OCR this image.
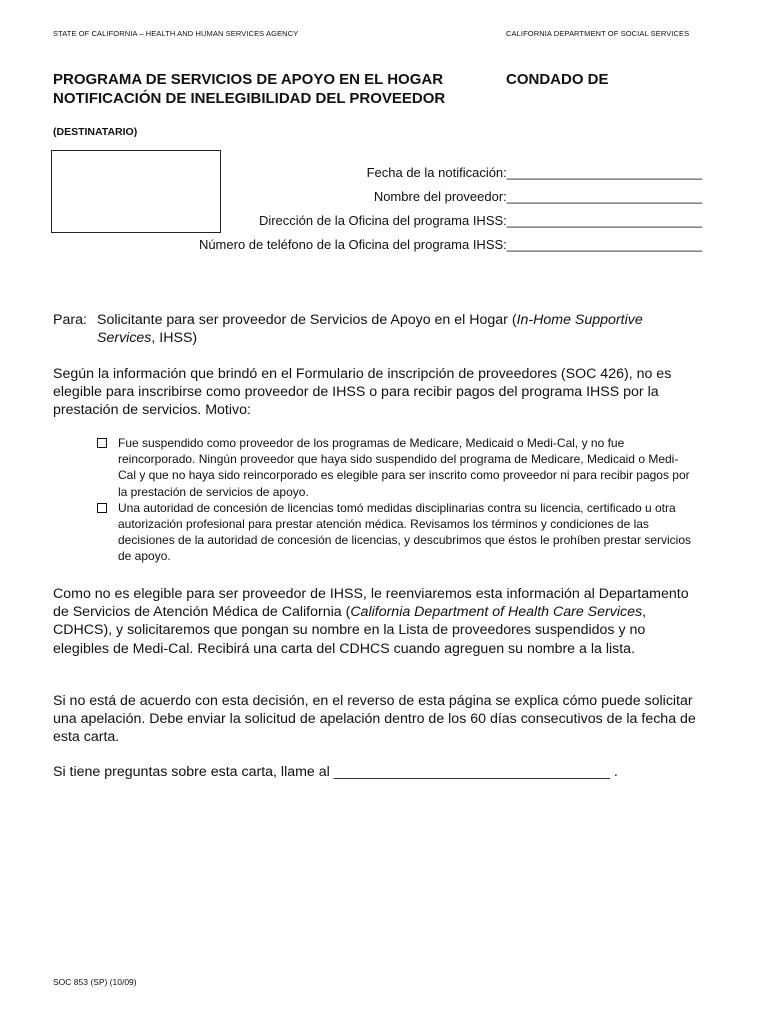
STATE OF CALIFORNIA – HEALTH AND HUMAN SERVICES AGENCY	CALIFORNIA DEPARTMENT OF SOCIAL SERVICES
PROGRAMA DE SERVICIOS DE APOYO EN EL HOGAR
NOTIFICACIÓN DE INELEGIBILIDAD DEL PROVEEDOR
CONDADO DE
(DESTINATARIO)
Fecha de la notificación:___________________________
Nombre del proveedor:___________________________
Dirección de la Oficina del programa IHSS:___________________________
Número de teléfono de la Oficina del programa IHSS:___________________________
Para: Solicitante para ser proveedor de Servicios de Apoyo en el Hogar (In-Home Supportive Services, IHSS)

Según la información que brindó en el Formulario de inscripción de proveedores (SOC 426), no es elegible para inscribirse como proveedor de IHSS o para recibir pagos del programa IHSS por la prestación de servicios. Motivo:

Fue suspendido como proveedor de los programas de Medicare, Medicaid o Medi-Cal, y no fue reincorporado. Ningún proveedor que haya sido suspendido del programa de Medicare, Medicaid o Medi-Cal y que no haya sido reincorporado es elegible para ser inscrito como proveedor ni para recibir pagos por la prestación de servicios de apoyo.
Una autoridad de concesión de licencias tomó medidas disciplinarias contra su licencia, certificado u otra autorización profesional para prestar atención médica. Revisamos los términos y condiciones de las decisiones de la autoridad de concesión de licencias, y descubrimos que éstos le prohíben prestar servicios de apoyo.

Como no es elegible para ser proveedor de IHSS, le reenviaremos esta información al Departamento de Servicios de Atención Médica de California (California Department of Health Care Services, CDHCS), y solicitaremos que pongan su nombre en la Lista de proveedores suspendidos y no elegibles de Medi-Cal. Recibirá una carta del CDHCS cuando agreguen su nombre a la lista.

Si no está de acuerdo con esta decisión, en el reverso de esta página se explica cómo puede solicitar una apelación. Debe enviar la solicitud de apelación dentro de los 60 días consecutivos de la fecha de esta carta.

Si tiene preguntas sobre esta carta, llame al ___________________________________ .

SOC 853 (SP) (10/09)
